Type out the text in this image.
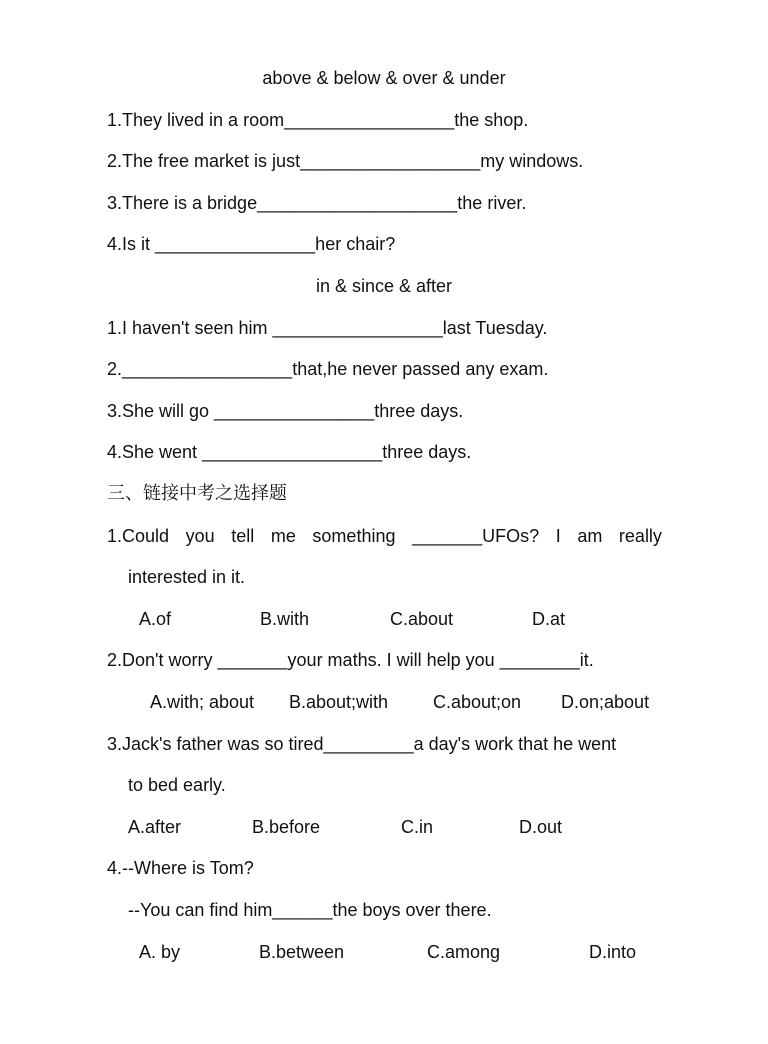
above & below & over & under
1.They lived in a room_________________the shop.
2.The free market is just__________________my windows.
3.There is a bridge____________________the river.
4.Is it ________________her chair?
in & since & after
1.I haven't seen him _________________last Tuesday.
2._________________that,he never passed any exam.
3.She will go ________________three days.
4.She went __________________three days.
三、链接中考之选择题
1.Could you tell me something _______UFOs? I am really
interested in it.
A.of	B.with	C.about	D.at
2.Don't worry _______your maths. I will help you ________it.
A.with; about B.about;with C.about;on D.on;about
3.Jack's father was so tired_________a day's work that he went
to bed early.
A.after	B.before	C.in	D.out
4.--Where is Tom?
--You can find him______the boys over there.
A. by	B.between	C.among	D.into
